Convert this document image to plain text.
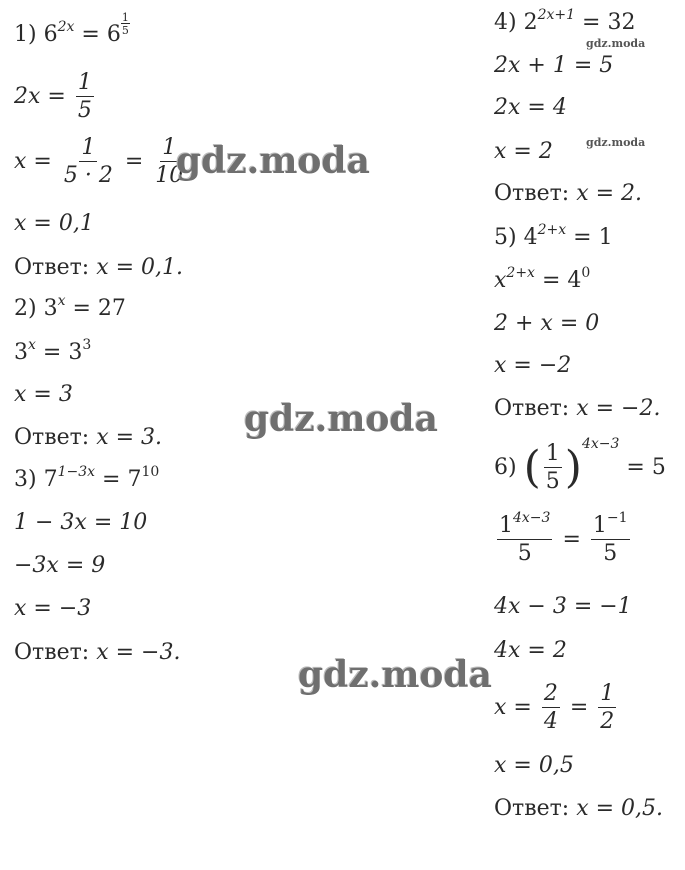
1) $6^{2x} = 6 \frac{1}{5}$
$2x = \frac{1}{5}$
$x = \frac{1}{5 \cdot 2} = \frac{1}{10}$
x = 0,1
Ответ: x = 0,1.
2) $3^x = 27$
$3^x = 3^3$
x = 3
Ответ: x = 3.
3) $7^{1-3x} = 7^{10}$
1 − 3x = 10
−3x = 9
x = −3
Ответ: x = −3.
4) $2^{2x+1} = 32$
2x + 1 = 5
2x = 4
x = 2
Ответ: x = 2.
5) $4^{2+x} = 1$
$x^{2+x} = 4^0$
2 + x = 0
x = −2
Ответ: x = −2.
6) ( $\frac{1}{5} )^{4x-3} = 5$
$\frac{1^{4x-3}}{5} = \frac{1^{-1}}{5}$
4x − 3 = −1
4x = 2
$x = \frac{2}{4} = \frac{1}{2}$
x = 0,5
Ответ: x = 0,5.
gdz.moda
gdz.moda
gdz.moda
gdz.moda
gdz.moda
